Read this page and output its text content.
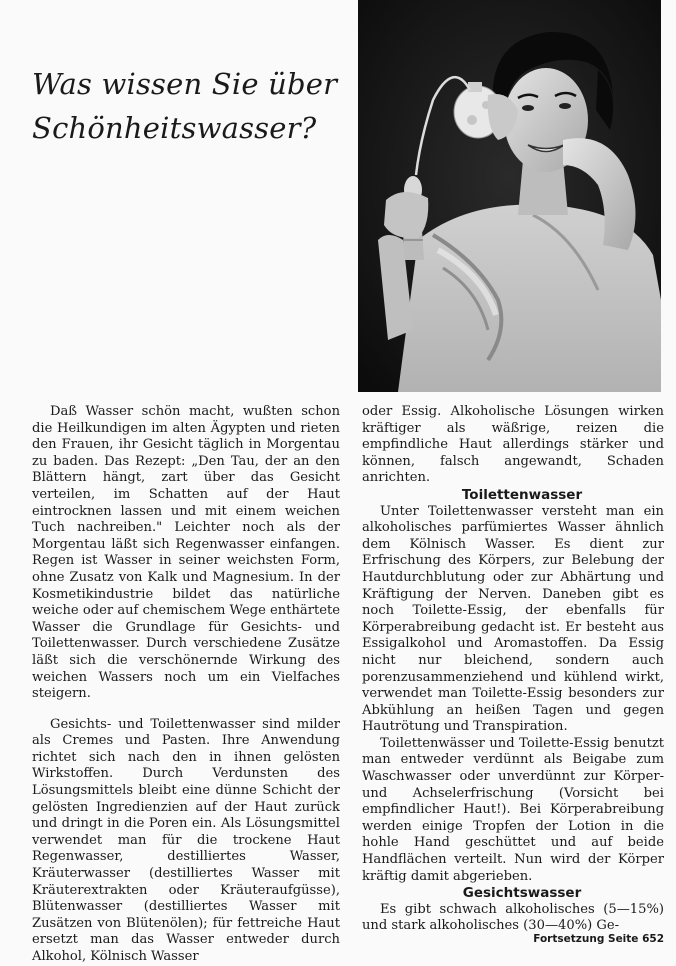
Was wissen Sie über
Schönheitswasser?

Daß Wasser schön macht, wußten schon die Heilkundigen im alten Ägypten und rieten den Frauen, ihr Gesicht täglich in Morgentau zu baden. Das Rezept: „Den Tau, der an den Blättern hängt, zart über das Gesicht verteilen, im Schatten auf der Haut eintrocknen lassen und mit einem weichen Tuch nachreiben." Leichter noch als der Morgentau läßt sich Regenwasser einfangen. Regen ist Wasser in seiner weichsten Form, ohne Zusatz von Kalk und Magnesium. In der Kosmetikindustrie bildet das natürliche weiche oder auf chemischem Wege enthärtete Wasser die Grundlage für Gesichts- und Toilettenwasser. Durch verschiedene Zusätze läßt sich die verschönernde Wirkung des weichen Wassers noch um ein Vielfaches steigern.

Gesichts- und Toilettenwasser sind milder als Cremes und Pasten. Ihre Anwendung richtet sich nach den in ihnen gelösten Wirkstoffen. Durch Verdunsten des Lösungsmittels bleibt eine dünne Schicht der gelösten Ingredienzien auf der Haut zurück und dringt in die Poren ein. Als Lösungsmittel verwendet man für die trockene Haut Regenwasser, destilliertes Wasser, Kräuterwasser (destilliertes Wasser mit Kräuterextrakten oder Kräuteraufgüsse), Blütenwasser (destilliertes Wasser mit Zusätzen von Blütenölen); für fettreiche Haut ersetzt man das Wasser entweder durch Alkohol, Kölnisch Wasser

oder Essig. Alkoholische Lösungen wirken kräftiger als wäßrige, reizen die empfindliche Haut allerdings stärker und können, falsch angewandt, Schaden anrichten.

Toilettenwasser

Unter Toilettenwasser versteht man ein alkoholisches parfümiertes Wasser ähnlich dem Kölnisch Wasser. Es dient zur Erfrischung des Körpers, zur Belebung der Hautdurchblutung oder zur Abhärtung und Kräftigung der Nerven. Daneben gibt es noch Toilette-Essig, der ebenfalls für Körperabreibung gedacht ist. Er besteht aus Essigalkohol und Aromastoffen. Da Essig nicht nur bleichend, sondern auch porenzusammenziehend und kühlend wirkt, verwendet man Toilette-Essig besonders zur Abkühlung an heißen Tagen und gegen Hautrötung und Transpiration.

Toilettenwässer und Toilette-Essig benutzt man entweder verdünnt als Beigabe zum Waschwasser oder unverdünnt zur Körper- und Achselerfrischung (Vorsicht bei empfindlicher Haut!). Bei Körperabreibung werden einige Tropfen der Lotion in die hohle Hand geschüttet und auf beide Handflächen verteilt. Nun wird der Körper kräftig damit abgerieben.

Gesichtswasser

Es gibt schwach alkoholisches (5—15%) und stark alkoholisches (30—40%) Ge-

Fortsetzung Seite 652
